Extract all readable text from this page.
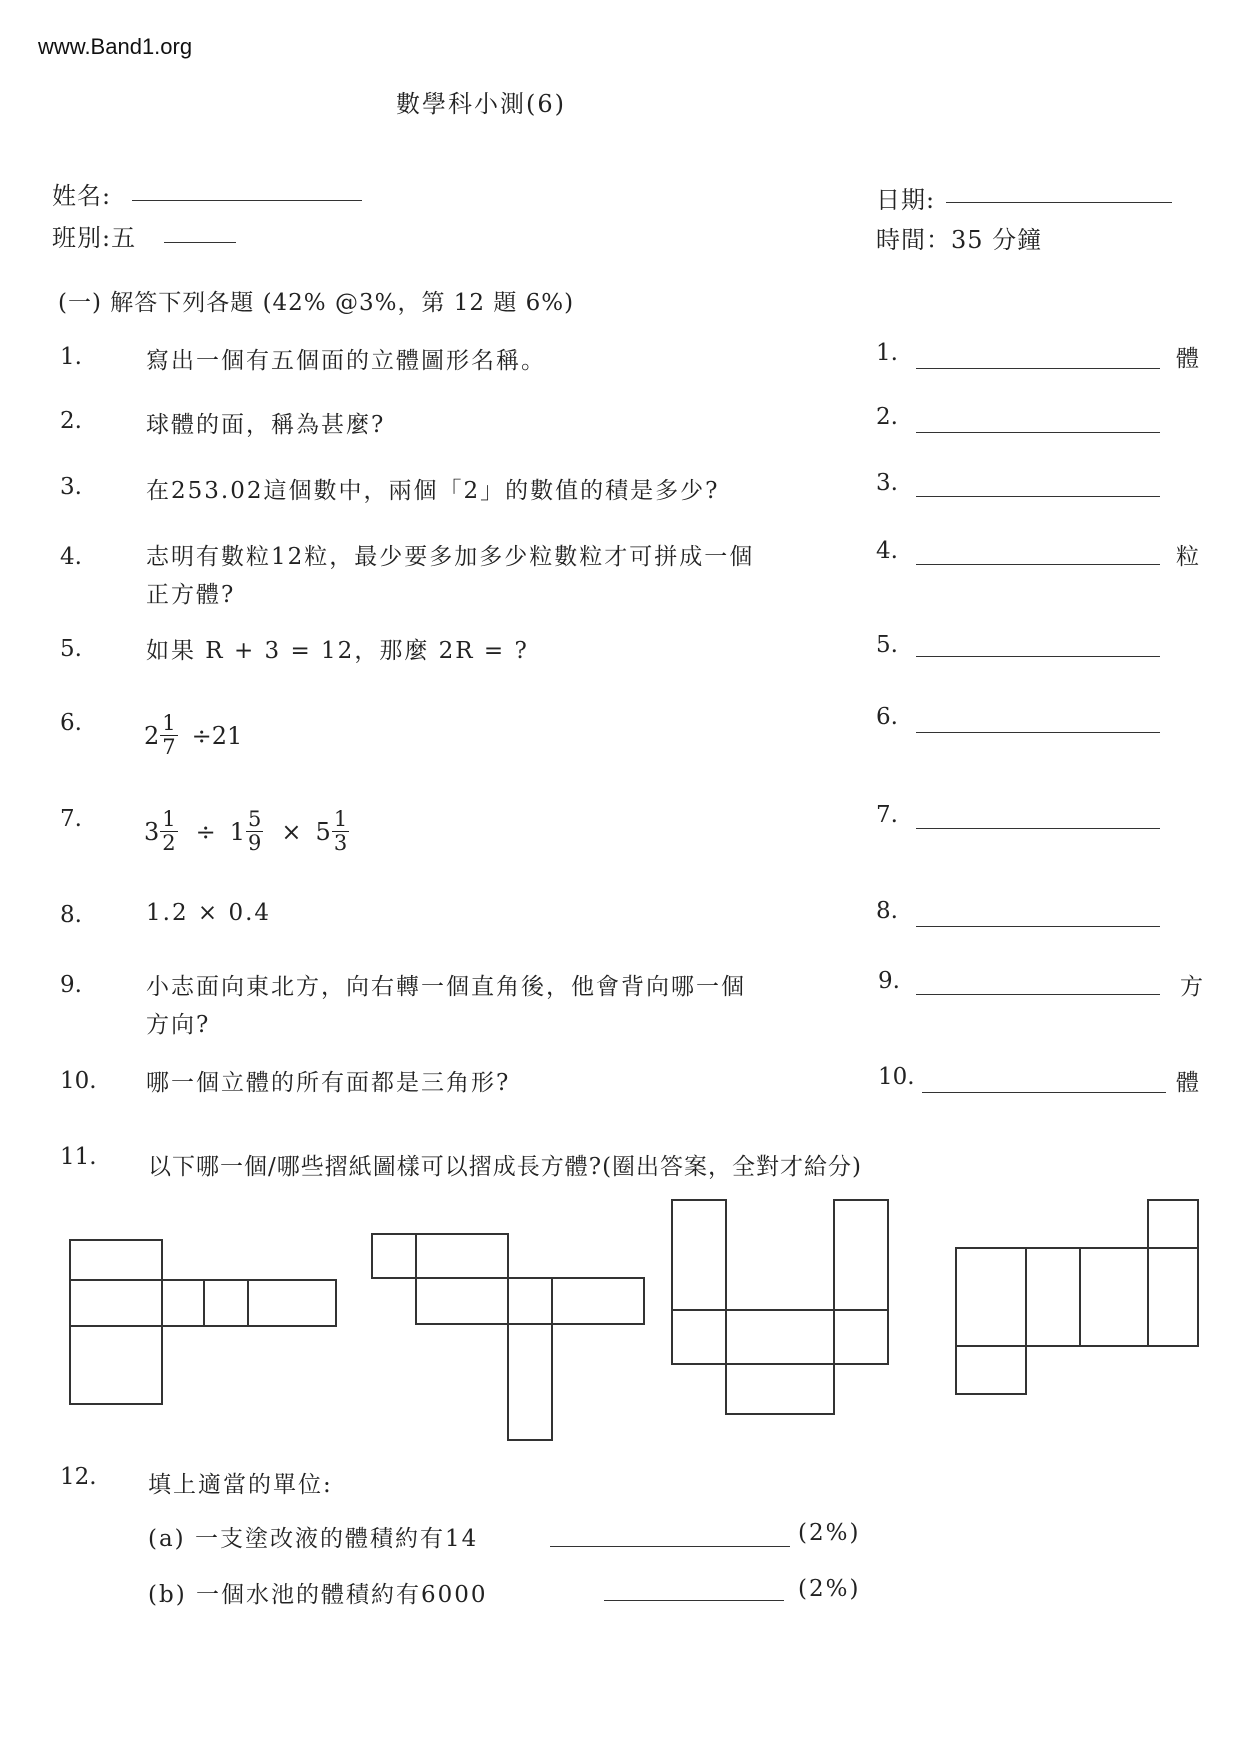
www.Band1.org
數學科小測(6)
姓名:	日期:
班別:五	時間：35 分鐘
(一) 解答下列各題 (42% @3%，第 12 題 6%)
1.	寫出一個有五個面的立體圖形名稱。	1.	體
2.	球體的面，稱為甚麼?	2.
3.	在253.02這個數中，兩個「2」的數值的積是多少?	3.
4.	志明有數粒12粒，最少要多加多少粒數粒才可拼成一個
正方體?
4.	粒
5.	如果 R + 3 = 12，那麼 2R = ?	5.
6.	$2 \frac{1}{7} \div 21$
6.
7.	$3 \frac{1}{2} \div 1 \frac{5}{9} \times 5 \frac{1}{3}$	7.
8.	1.2 × 0.4	8.
9.	小志面向東北方，向右轉一個直角後，他會背向哪一個
方向?
9.	方
10. 哪一個立體的所有面都是三角形?	10.	體
11. 以下哪一個/哪些摺紙圖樣可以摺成長方體?(圈出答案，全對才給分)
12. 填上適當的單位:
(a) 一支塗改液的體積約有14	(2%)
(b) 一個水池的體積約有6000	(2%)
